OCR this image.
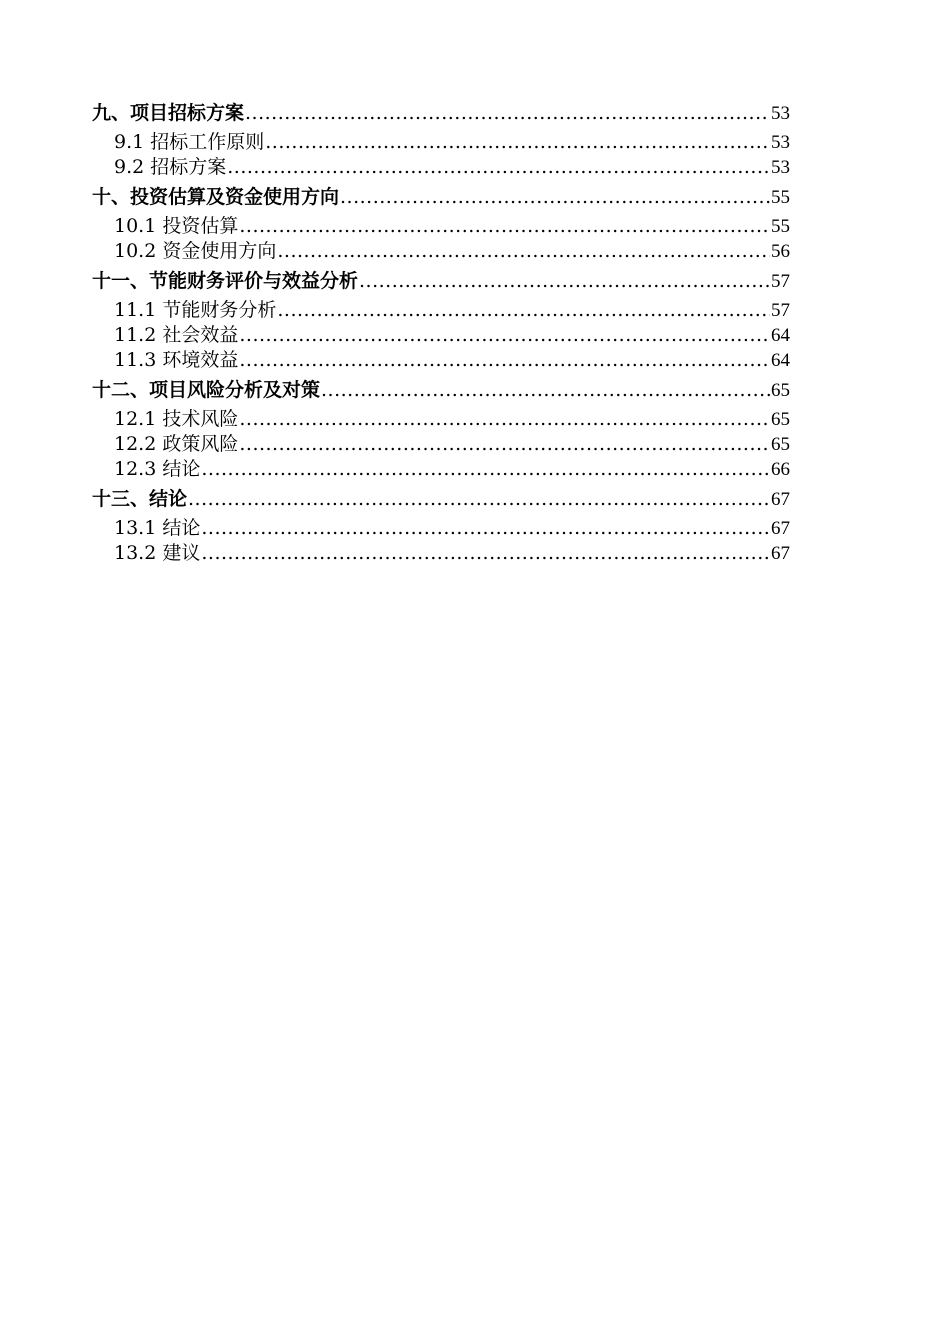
九、项目招标方案 .....	53
9.1 招标工作原则 .....	53
9.2 招标方案 .....	53
十、投资估算及资金使用方向 .....	55
10.1 投资估算 .....	55
10.2 资金使用方向 .....	56
十一、节能财务评价与效益分析 .....	57
11.1 节能财务分析 .....	57
11.2 社会效益 .....	64
11.3 环境效益 .....	64
十二、项目风险分析及对策 .....	65
12.1 技术风险 .....	65
12.2 政策风险 .....	65
12.3 结论 .....	66
十三、结论 .....	67
13.1 结论 .....	67
13.2 建议 .....	67
